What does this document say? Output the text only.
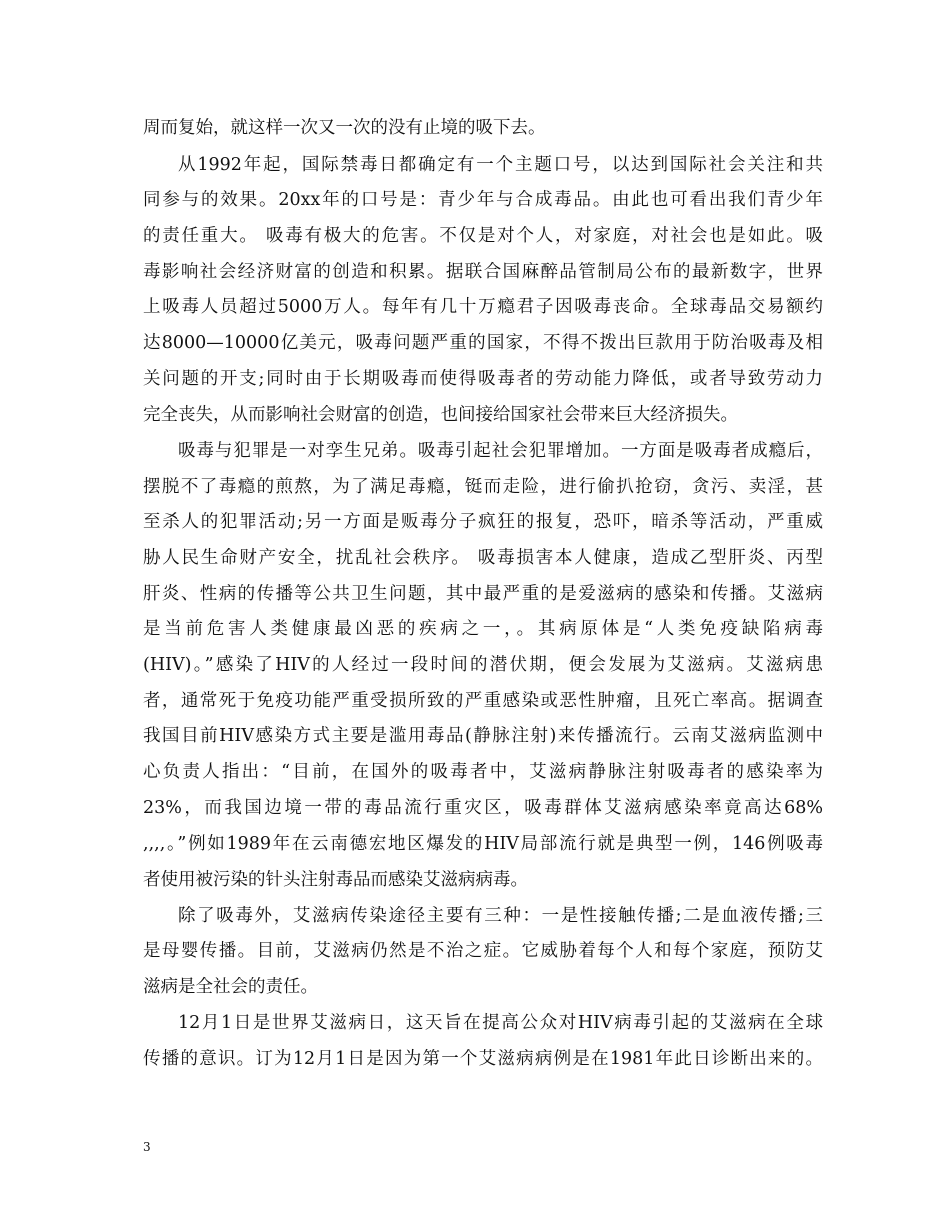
周而复始，就这样一次又一次的没有止境的吸下去。
从1992年起，国际禁毒日都确定有一个主题口号，以达到国际社会关注和共
同参与的效果。20xx年的口号是：青少年与合成毒品。由此也可看出我们青少年
的责任重大。 吸毒有极大的危害。不仅是对个人，对家庭，对社会也是如此。吸
毒影响社会经济财富的创造和积累。据联合国麻醉品管制局公布的最新数字，世界
上吸毒人员超过5000万人。每年有几十万瘾君子因吸毒丧命。全球毒品交易额约
达8000—10000亿美元，吸毒问题严重的国家，不得不拨出巨款用于防治吸毒及相
关问题的开支;同时由于长期吸毒而使得吸毒者的劳动能力降低，或者导致劳动力
完全丧失，从而影响社会财富的创造，也间接给国家社会带来巨大经济损失。
吸毒与犯罪是一对孪生兄弟。吸毒引起社会犯罪增加。一方面是吸毒者成瘾后，
摆脱不了毒瘾的煎熬，为了满足毒瘾，铤而走险，进行偷扒抢窃，贪污、卖淫，甚
至杀人的犯罪活动;另一方面是贩毒分子疯狂的报复，恐吓，暗杀等活动，严重威
胁人民生命财产安全，扰乱社会秩序。 吸毒损害本人健康，造成乙型肝炎、丙型
肝炎、性病的传播等公共卫生问题，其中最严重的是爱滋病的感染和传播。艾滋病
是当前危害人类健康最凶恶的疾病之一，。其病原体是“人类免疫缺陷病毒
(HIV)。”感染了HIV的人经过一段时间的潜伏期，便会发展为艾滋病。艾滋病患
者，通常死于免疫功能严重受损所致的严重感染或恶性肿瘤，且死亡率高。据调查
我国目前HIV感染方式主要是滥用毒品(静脉注射)来传播流行。云南艾滋病监测中
心负责人指出：“目前，在国外的吸毒者中，艾滋病静脉注射吸毒者的感染率为
23%，而我国边境一带的毒品流行重灾区，吸毒群体艾滋病感染率竟高达68%
,,,,。”例如1989年在云南德宏地区爆发的HIV局部流行就是典型一例，146例吸毒
者使用被污染的针头注射毒品而感染艾滋病病毒。
除了吸毒外，艾滋病传染途径主要有三种：一是性接触传播;二是血液传播;三
是母婴传播。目前，艾滋病仍然是不治之症。它威胁着每个人和每个家庭，预防艾
滋病是全社会的责任。
12月1日是世界艾滋病日，这天旨在提高公众对HIV病毒引起的艾滋病在全球
传播的意识。订为12月1日是因为第一个艾滋病病例是在1981年此日诊断出来的。
3
